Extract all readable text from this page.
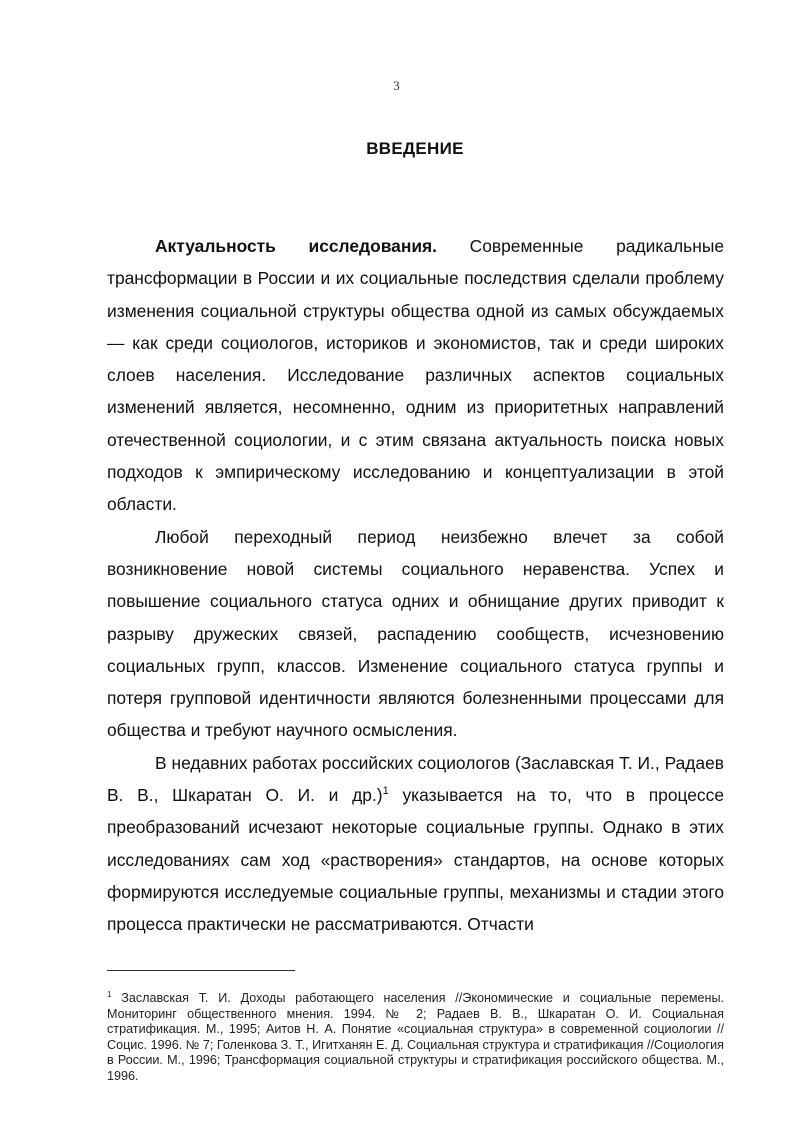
3
ВВЕДЕНИЕ

Актуальность исследования. Современные радикальные трансформации в России и их социальные последствия сделали проблему изменения социальной структуры общества одной из самых обсуждаемых — как среди социологов, историков и экономистов, так и среди широких слоев населения. Исследование различных аспектов социальных изменений является, несомненно, одним из приоритетных направлений отечественной социологии, и с этим связана актуальность поиска новых подходов к эмпирическому исследованию и концептуализации в этой области.

Любой переходный период неизбежно влечет за собой возникновение новой системы социального неравенства. Успех и повышение социального статуса одних и обнищание других приводит к разрыву дружеских связей, распадению сообществ, исчезновению социальных групп, классов. Изменение социального статуса группы и потеря групповой идентичности являются болезненными процессами для общества и требуют научного осмысления.

В недавних работах российских социологов (Заславская Т. И., Радаев В. В., Шкаратан О. И. и др.)$^1$ указывается на то, что в процессе преобразований исчезают некоторые социальные группы. Однако в этих исследованиях сам ход «растворения» стандартов, на основе которых формируются исследуемые социальные группы, механизмы и стадии этого процесса практически не рассматриваются. Отчасти

$^1$ Заславская Т. И. Доходы работающего населения //Экономические и социальные перемены. Мониторинг общественного мнения. 1994. № 2; Радаев В. В., Шкаратан О. И. Социальная стратификация. М., 1995; Аитов Н. А. Понятие «социальная структура» в современной социологии //Социс. 1996. № 7; Голенкова З. Т., Игитханян Е. Д. Социальная структура и стратификация //Социология в России. М., 1996; Трансформация социальной структуры и стратификация российского общества. М., 1996.
